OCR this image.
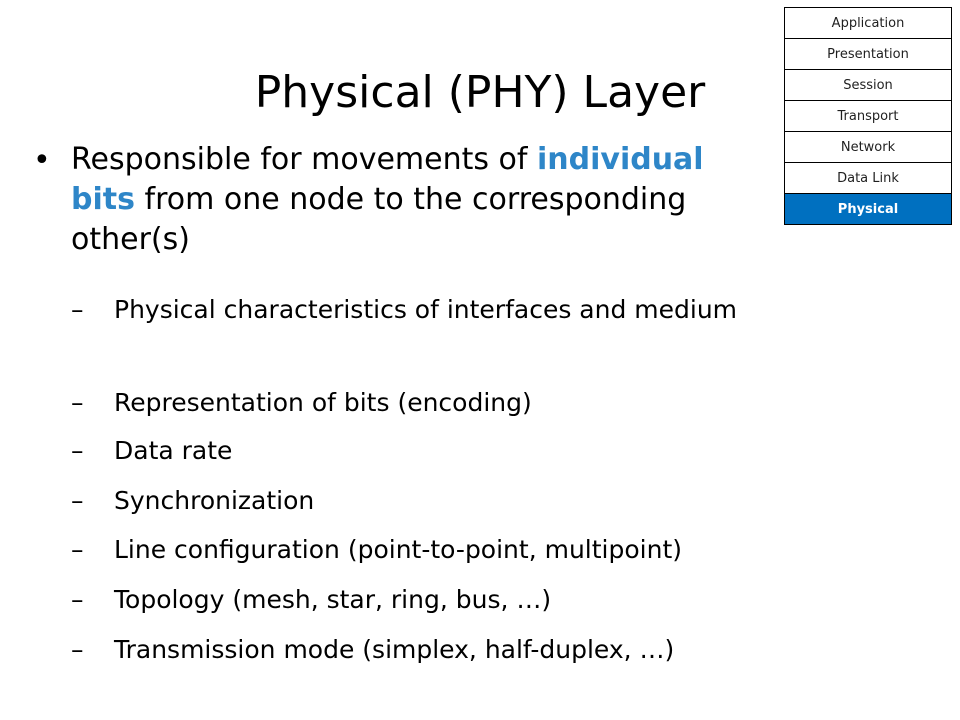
Physical (PHY) Layer
Application
Presentation
Session
Transport
Network
Data Link
Physical
• Responsible for movements of individual bits from one node to the corresponding other(s)
– Physical characteristics of interfaces and medium
– Representation of bits (encoding)
– Data rate
– Synchronization
– Line configuration (point-to-point, multipoint)
– Topology (mesh, star, ring, bus, …)
– Transmission mode (simplex, half-duplex, …)
